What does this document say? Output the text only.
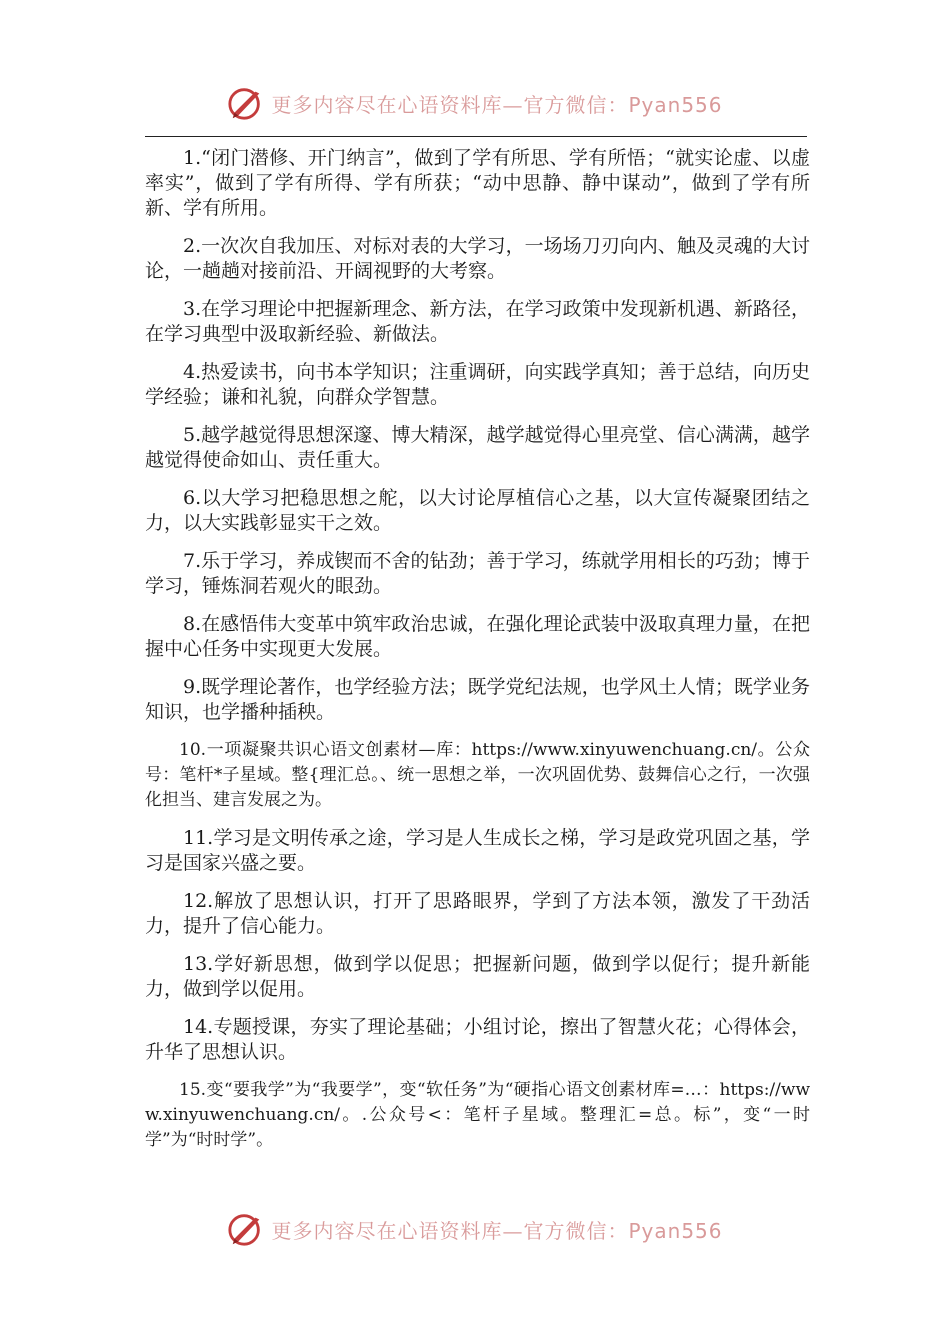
更多内容尽在心语资料库—官方微信：Pyan556

1.“闭门潜修、开门纳言”，做到了学有所思、学有所悟；“就实论虚、以虚率实”，做到了学有所得、学有所获；“动中思静、静中谋动”，做到了学有所新、学有所用。

2.一次次自我加压、对标对表的大学习，一场场刀刃向内、触及灵魂的大讨论，一趟趟对接前沿、开阔视野的大考察。

3.在学习理论中把握新理念、新方法，在学习政策中发现新机遇、新路径，在学习典型中汲取新经验、新做法。

4.热爱读书，向书本学知识；注重调研，向实践学真知；善于总结，向历史学经验；谦和礼貌，向群众学智慧。

5.越学越觉得思想深邃、博大精深，越学越觉得心里亮堂、信心满满，越学越觉得使命如山、责任重大。

6.以大学习把稳思想之舵，以大讨论厚植信心之基，以大宣传凝聚团结之力，以大实践彰显实干之效。

7.乐于学习，养成锲而不舍的钻劲；善于学习，练就学用相长的巧劲；博于学习，锤炼洞若观火的眼劲。

8.在感悟伟大变革中筑牢政治忠诚，在强化理论武装中汲取真理力量，在把握中心任务中实现更大发展。

9.既学理论著作，也学经验方法；既学党纪法规，也学风土人情；既学业务知识，也学播种插秧。

10.一项凝聚共识心语文创素材—库：https://www.xinyuwenchuang.cn/。公众号：笔杆*子星域。整{理汇总。、统一思想之举，一次巩固优势、鼓舞信心之行，一次强化担当、建言发展之为。

11.学习是文明传承之途，学习是人生成长之梯，学习是政党巩固之基，学习是国家兴盛之要。

12.解放了思想认识，打开了思路眼界，学到了方法本领，激发了干劲活力，提升了信心能力。

13.学好新思想，做到学以促思；把握新问题，做到学以促行；提升新能力，做到学以促用。

14.专题授课，夯实了理论基础；小组讨论，擦出了智慧火花；心得体会，升华了思想认识。

15.变“要我学”为“我要学”，变“软任务”为“硬指心语文创素材库=…：https://www.xinyuwenchuang.cn/。.公众号<：笔杆子星域。整理汇=总。标”，变“一时学”为“时时学”。

更多内容尽在心语资料库—官方微信：Pyan556
